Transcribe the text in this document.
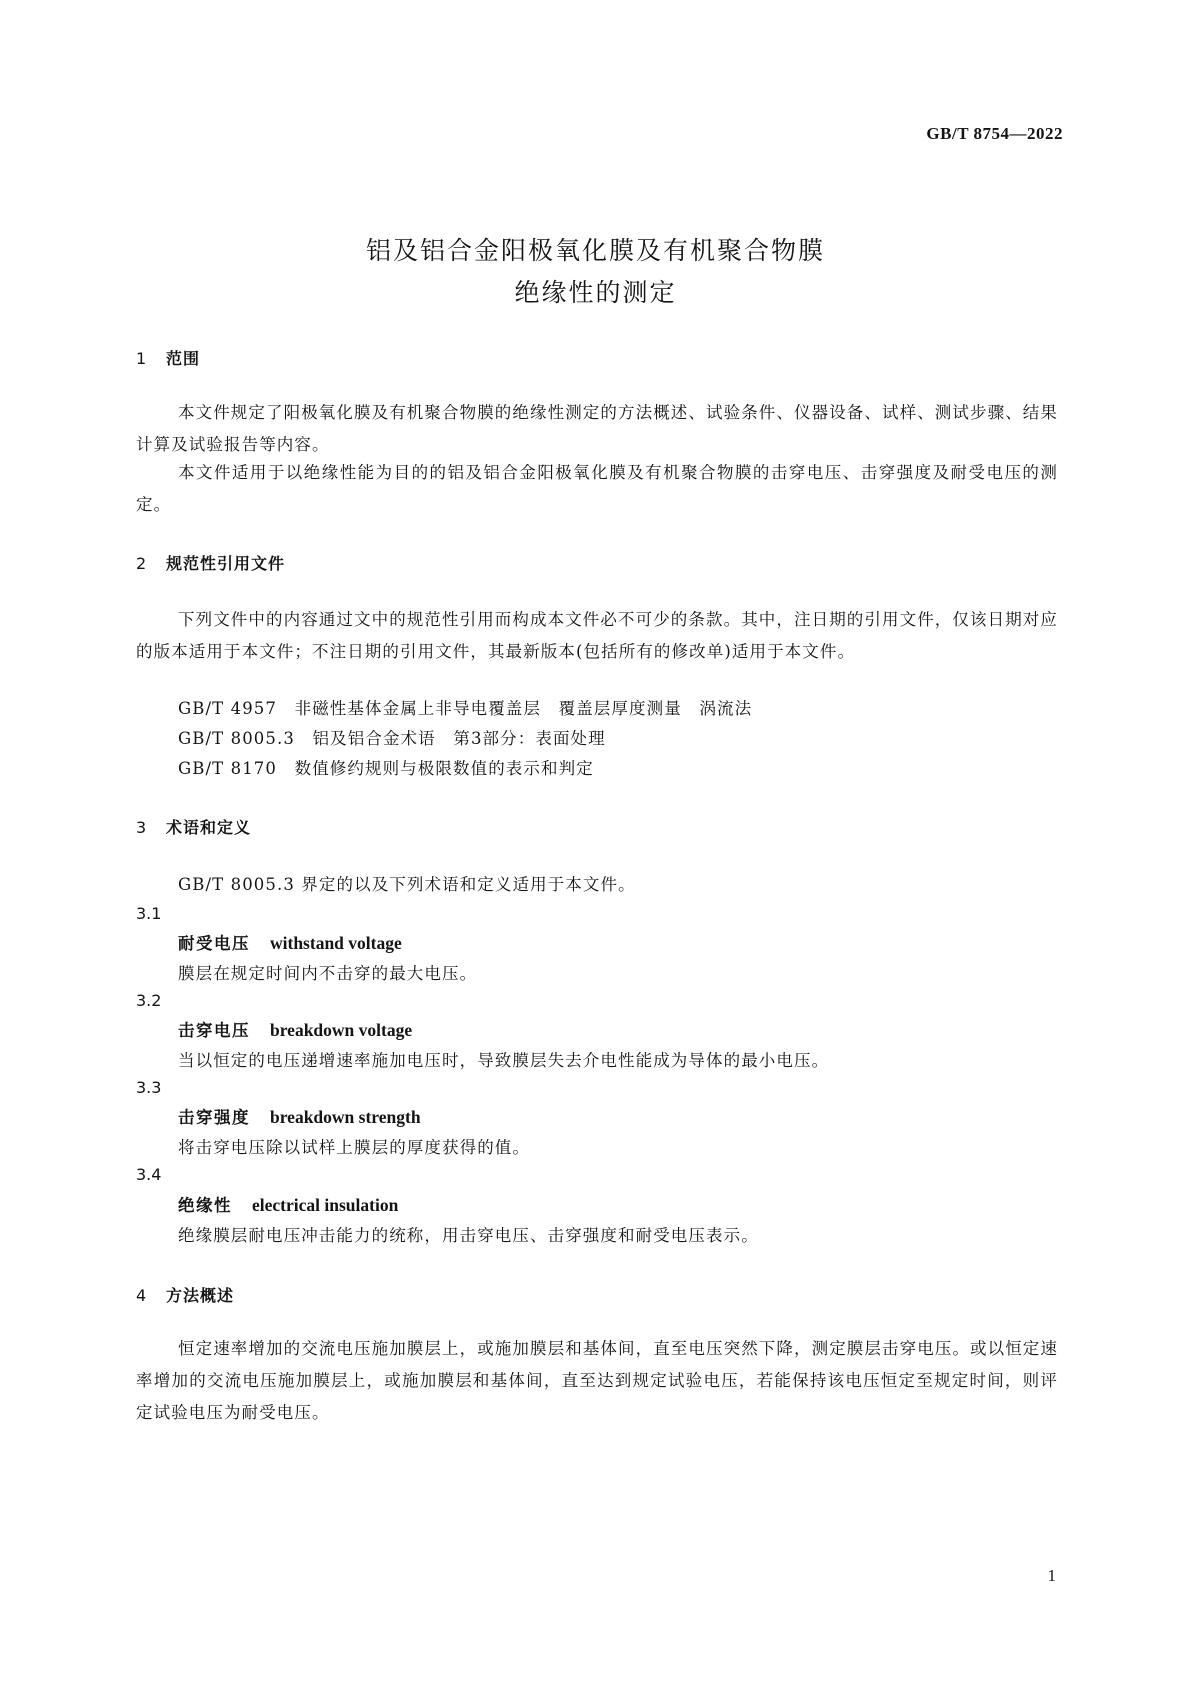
GB/T 8754—2022
铝及铝合金阳极氧化膜及有机聚合物膜
绝缘性的测定
1 范围
本文件规定了阳极氧化膜及有机聚合物膜的绝缘性测定的方法概述、试验条件、仪器设备、试样、测试步骤、结果计算及试验报告等内容。
本文件适用于以绝缘性能为目的的铝及铝合金阳极氧化膜及有机聚合物膜的击穿电压、击穿强度及耐受电压的测定。
2 规范性引用文件
下列文件中的内容通过文中的规范性引用而构成本文件必不可少的条款。其中，注日期的引用文件，仅该日期对应的版本适用于本文件；不注日期的引用文件，其最新版本(包括所有的修改单)适用于本文件。
GB/T 4957　非磁性基体金属上非导电覆盖层　覆盖层厚度测量　涡流法
GB/T 8005.3　铝及铝合金术语　第3部分：表面处理
GB/T 8170　数值修约规则与极限数值的表示和判定
3 术语和定义
GB/T 8005.3 界定的以及下列术语和定义适用于本文件。
3.1
耐受电压 withstand voltage
膜层在规定时间内不击穿的最大电压。
3.2
击穿电压 breakdown voltage
当以恒定的电压递增速率施加电压时，导致膜层失去介电性能成为导体的最小电压。
3.3
击穿强度 breakdown strength
将击穿电压除以试样上膜层的厚度获得的值。
3.4
绝缘性 electrical insulation
绝缘膜层耐电压冲击能力的统称，用击穿电压、击穿强度和耐受电压表示。
4 方法概述
恒定速率增加的交流电压施加膜层上，或施加膜层和基体间，直至电压突然下降，测定膜层击穿电压。或以恒定速率增加的交流电压施加膜层上，或施加膜层和基体间，直至达到规定试验电压，若能保持该电压恒定至规定时间，则评定试验电压为耐受电压。
1
